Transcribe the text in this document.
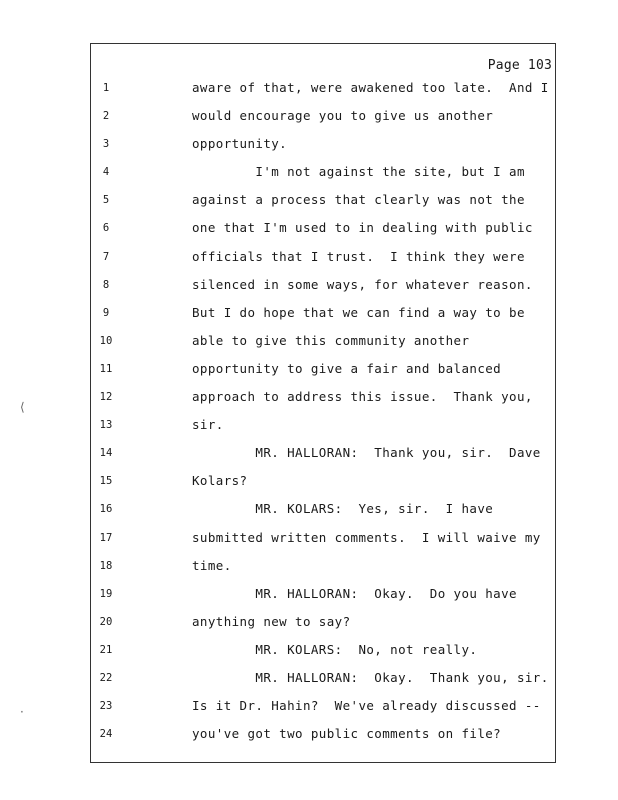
Page 103
1	aware of that, were awakened too late.  And I
2	would encourage you to give us another
3	opportunity.
4	I'm not against the site, but I am
5	against a process that clearly was not the
6	one that I'm used to in dealing with public
7	officials that I trust.  I think they were
8	silenced in some ways, for whatever reason.
9	But I do hope that we can find a way to be
10	able to give this community another
11	opportunity to give a fair and balanced
12	approach to address this issue.  Thank you,
13	sir.
14	MR. HALLORAN:  Thank you, sir.  Dave
15	Kolars?
16	MR. KOLARS:  Yes, sir.  I have
17	submitted written comments.  I will waive my
18	time.
19	MR. HALLORAN:  Okay.  Do you have
20	anything new to say?
21	MR. KOLARS:  No, not really.
22	MR. HALLORAN:  Okay.  Thank you, sir.
23	Is it Dr. Hahin?  We've already discussed --
24	you've got two public comments on file?
⟨
·
